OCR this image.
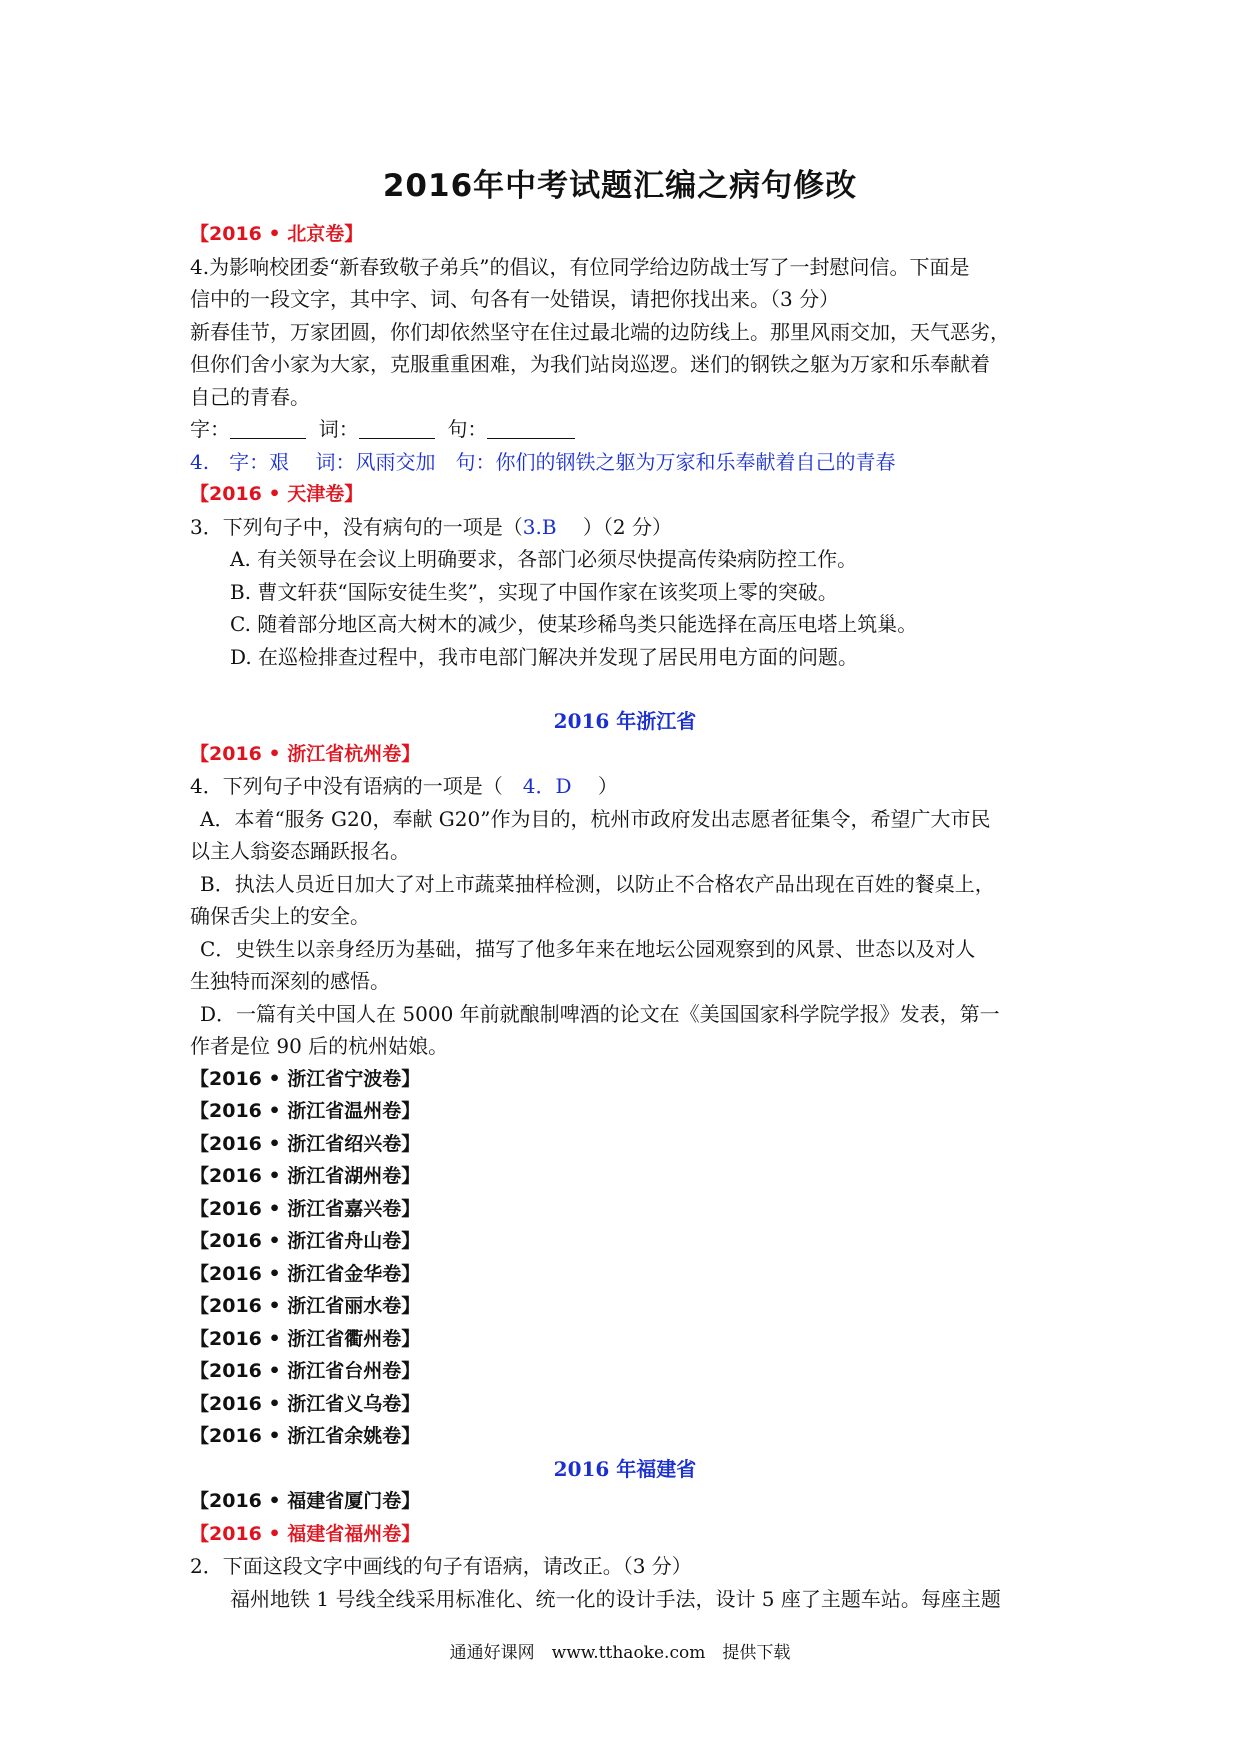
2016年中考试题汇编之病句修改
【2016 • 北京卷】
4.为影响校团委“新春致敬子弟兵”的倡议，有位同学给边防战士写了一封慰问信。下面是
信中的一段文字，其中字、词、句各有一处错误，请把你找出来。（3 分）
新春佳节，万家团圆，你们却依然坚守在住过最北端的边防线上。那里风雨交加，天气恶劣，
但你们舍小家为大家，克服重重困难，为我们站岗巡逻。迷们的钢铁之躯为万家和乐奉献着
自己的青春。
字：	词：	句：
4.　字：艰　 词：风雨交加　句：你们的钢铁之躯为万家和乐奉献着自己的青春
【2016 • 天津卷】
3．下列句子中，没有病句的一项是（3.B　 ）（2 分）
A. 有关领导在会议上明确要求，各部门必须尽快提高传染病防控工作。
B. 曹文轩获“国际安徒生奖”，实现了中国作家在该奖项上零的突破。
C. 随着部分地区高大树木的减少，使某珍稀鸟类只能选择在高压电塔上筑巢。
D. 在巡检排查过程中，我市电部门解决并发现了居民用电方面的问题。
2016 年浙江省
【2016 • 浙江省杭州卷】
4．下列句子中没有语病的一项是（　4．D　 ）
A．本着“服务 G20，奉献 G20”作为目的，杭州市政府发出志愿者征集令，希望广大市民
以主人翁姿态踊跃报名。
B．执法人员近日加大了对上市蔬菜抽样检测，以防止不合格农产品出现在百姓的餐桌上，
确保舌尖上的安全。
C．史铁生以亲身经历为基础，描写了他多年来在地坛公园观察到的风景、世态以及对人
生独特而深刻的感悟。
D．一篇有关中国人在 5000 年前就酿制啤酒的论文在《美国国家科学院学报》发表，第一
作者是位 90 后的杭州姑娘。
【2016 • 浙江省宁波卷】
【2016 • 浙江省温州卷】
【2016 • 浙江省绍兴卷】
【2016 • 浙江省湖州卷】
【2016 • 浙江省嘉兴卷】
【2016 • 浙江省舟山卷】
【2016 • 浙江省金华卷】
【2016 • 浙江省丽水卷】
【2016 • 浙江省衢州卷】
【2016 • 浙江省台州卷】
【2016 • 浙江省义乌卷】
【2016 • 浙江省余姚卷】
2016 年福建省
【2016 • 福建省厦门卷】
【2016 • 福建省福州卷】
2．下面这段文字中画线的句子有语病，请改正。（3 分）
福州地铁 1 号线全线采用标准化、统一化的设计手法，设计 5 座了主题车站。每座主题
通通好课网　www.tthaoke.com　提供下载
